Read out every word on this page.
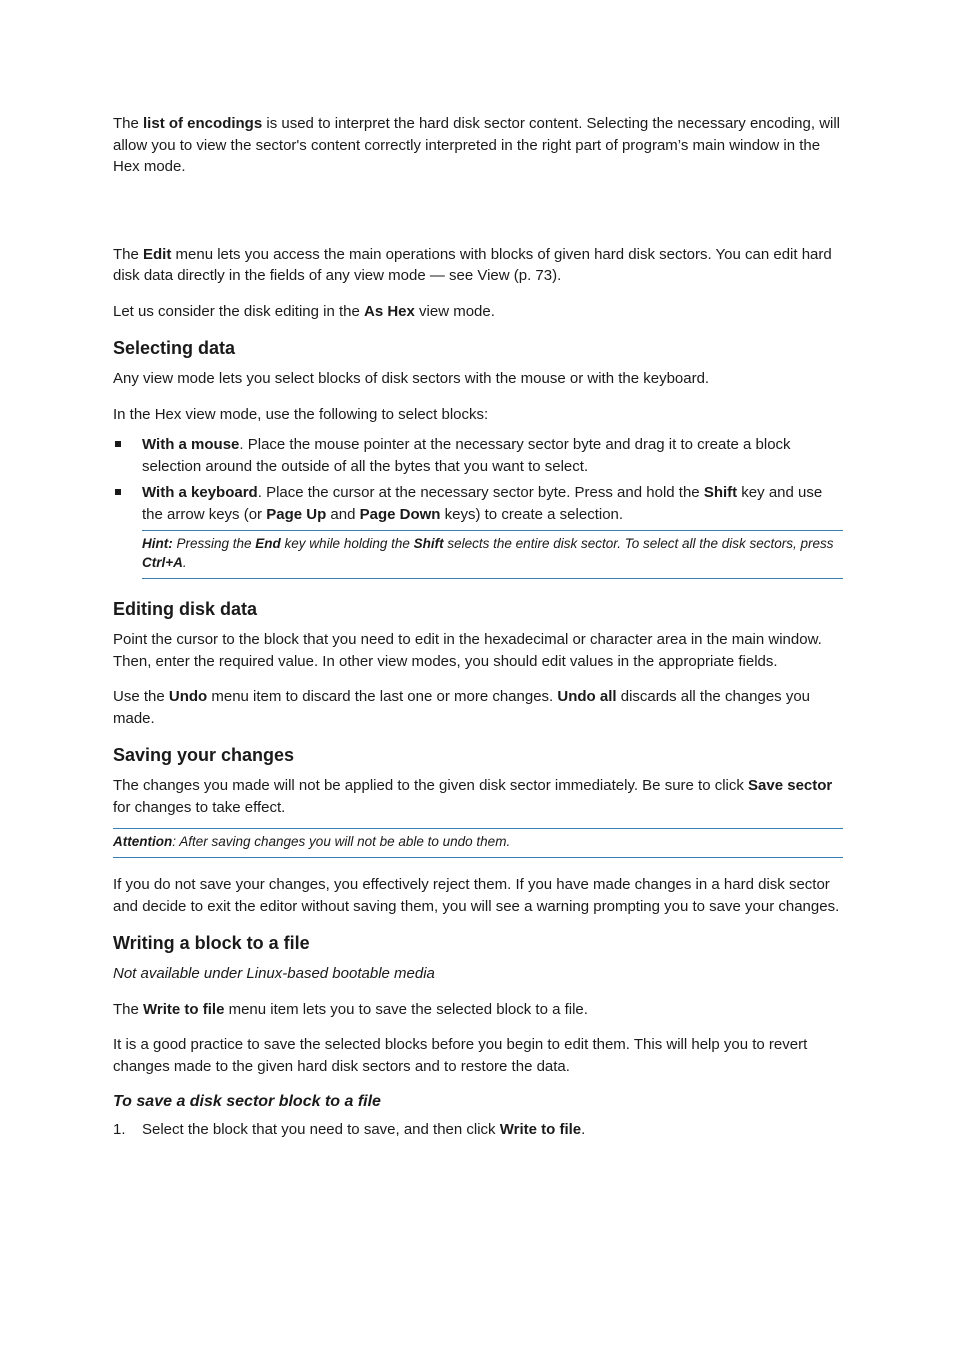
The list of encodings is used to interpret the hard disk sector content. Selecting the necessary encoding, will allow you to view the sector's content correctly interpreted in the right part of program’s main window in the Hex mode.

The Edit menu lets you access the main operations with blocks of given hard disk sectors. You can edit hard disk data directly in the fields of any view mode — see View (p. 73).

Let us consider the disk editing in the As Hex view mode.

Selecting data

Any view mode lets you select blocks of disk sectors with the mouse or with the keyboard.

In the Hex view mode, use the following to select blocks:

With a mouse. Place the mouse pointer at the necessary sector byte and drag it to create a block selection around the outside of all the bytes that you want to select.
With a keyboard. Place the cursor at the necessary sector byte. Press and hold the Shift key and use the arrow keys (or Page Up and Page Down keys) to create a selection.
Hint: Pressing the End key while holding the Shift selects the entire disk sector. To select all the disk sectors, press Ctrl+A.
Editing disk data

Point the cursor to the block that you need to edit in the hexadecimal or character area in the main window. Then, enter the required value. In other view modes, you should edit values in the appropriate fields.

Use the Undo menu item to discard the last one or more changes. Undo all discards all the changes you made.

Saving your changes

The changes you made will not be applied to the given disk sector immediately. Be sure to click Save sector for changes to take effect.

Attention: After saving changes you will not be able to undo them.

If you do not save your changes, you effectively reject them. If you have made changes in a hard disk sector and decide to exit the editor without saving them, you will see a warning prompting you to save your changes.

Writing a block to a file

Not available under Linux-based bootable media

The Write to file menu item lets you to save the selected block to a file.

It is a good practice to save the selected blocks before you begin to edit them. This will help you to revert changes made to the given hard disk sectors and to restore the data.

To save a disk sector block to a file
1. Select the block that you need to save, and then click Write to file.
